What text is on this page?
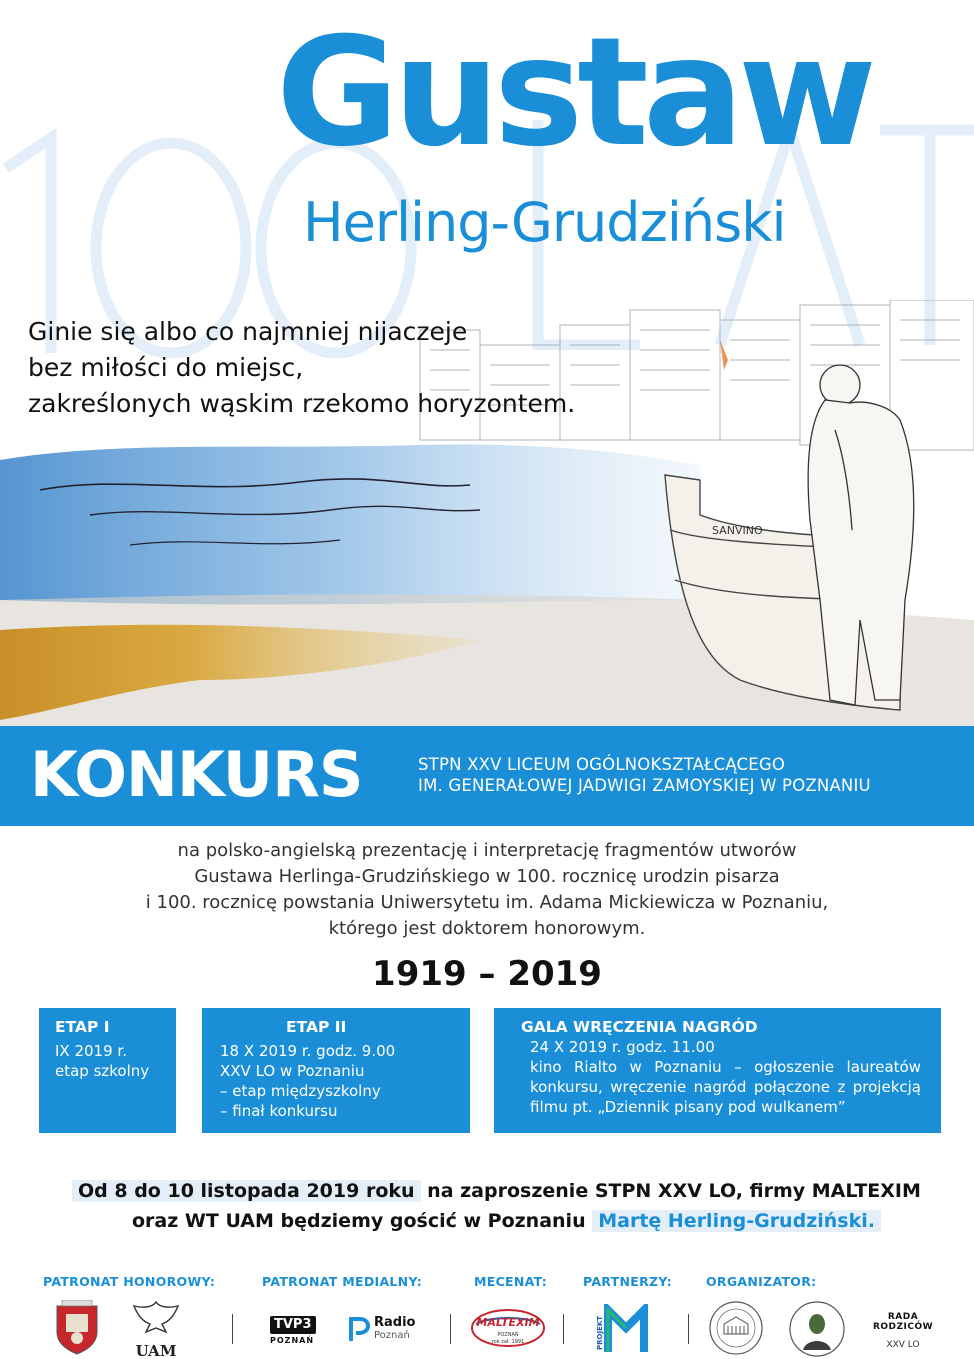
Gustaw
Herling-Grudziński
SANVINO
Ginie się albo co najmniej nijaczeje
bez miłości do miejsc,
zakreślonych wąskim rzekomo horyzontem.
KONKURS	STPN XXV LICEUM OGÓLNOKSZTAŁCĄCEGO
IM. GENERAŁOWEJ JADWIGI ZAMOYSKIEJ W POZNANIU
na polsko-angielską prezentację i interpretację fragmentów utworów
Gustawa Herlinga-Grudzińskiego w 100. rocznicę urodzin pisarza
i 100. rocznicę powstania Uniwersytetu im. Adama Mickiewicza w Poznaniu,
którego jest doktorem honorowym.
1919 – 2019
ETAP I
IX 2019 r.
etap szkolny
ETAP II
18 X 2019 r. godz. 9.00
XXV LO w Poznaniu
– etap międzyszkolny
– finał konkursu
GALA WRĘCZENIA NAGRÓD
24 X 2019 r. godz. 11.00
kino Rialto w Poznaniu – ogłoszenie laureatów
konkursu, wręczenie nagród połączone z projekcją
filmu pt. „Dziennik pisany pod wulkanem”
Od 8 do 10 listopada 2019 roku na zaproszenie STPN XXV LO, firmy MALTEXIM
oraz WT UAM będziemy gościć w Poznaniu Martę Herling-Grudziński.
PATRONAT HONOROWY:	PATRONAT MEDIALNY:	MECENAT:	PARTNERZY:	ORGANIZATOR:
UAM
TVP3
POZNAŃ
Radio
Poznań
MALTEXIM
POZNAŃ
rok zał. 1991	PROJEKT	RADA RODZICÓW
XXV LO
